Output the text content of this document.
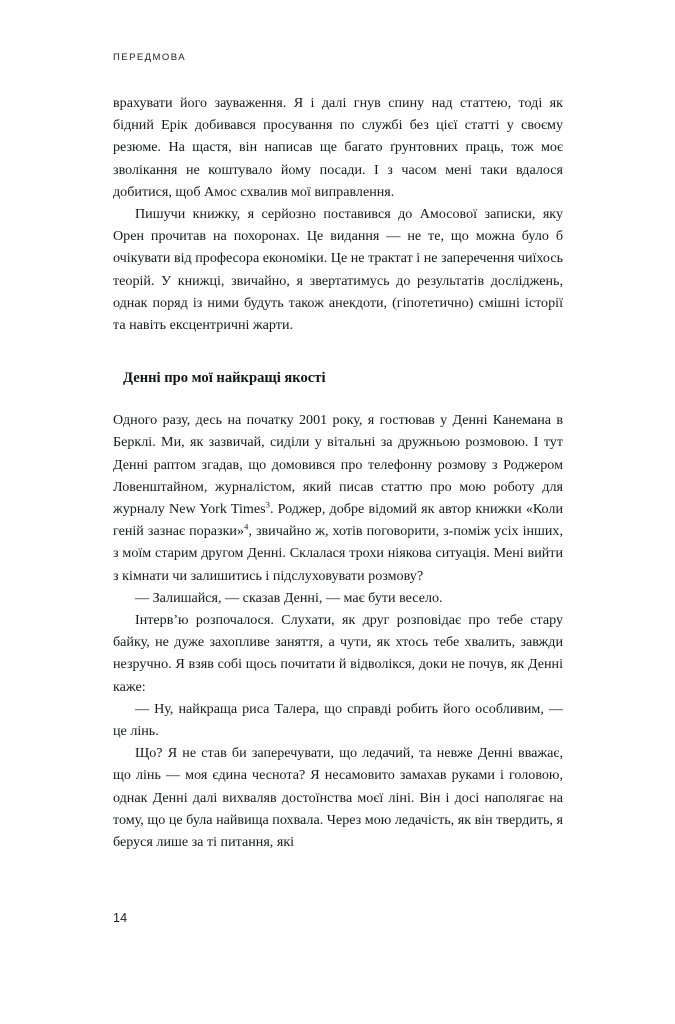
ПЕРЕДМОВА

врахувати його зауваження. Я і далі гнув спину над статтею, тоді як бідний Ерік добивався просування по службі без цієї статті у своєму резюме. На щастя, він написав ще багато ґрунтовних праць, тож моє зволікання не коштувало йому посади. І з часом мені таки вдалося добитися, щоб Амос схвалив мої виправлення.

Пишучи книжку, я серйозно поставився до Амосової записки, яку Орен прочитав на похоронах. Це видання — не те, що можна було б очікувати від професора економіки. Це не трактат і не заперечення чиїхось теорій. У книжці, звичайно, я звертатимусь до результатів досліджень, однак поряд із ними будуть також анекдоти, (гіпотетично) смішні історії та навіть ексцентричні жарти.

Денні про мої найкращі якості

Одного разу, десь на початку 2001 року, я гостював у Денні Канемана в Берклі. Ми, як зазвичай, сиділи у вітальні за дружньою розмовою. І тут Денні раптом згадав, що домовився про телефонну розмову з Роджером Ловенштайном, журналістом, який писав статтю про мою роботу для журналу New York Times$^3$. Роджер, добре відомий як автор книжки «Коли геній зазнає поразки»$^4$, звичайно ж, хотів поговорити, з-поміж усіх інших, з моїм старим другом Денні. Склалася трохи ніякова ситуація. Мені вийти з кімнати чи залишитись і підслуховувати розмову?

— Залишайся, — сказав Денні, — має бути весело.

Інтерв’ю розпочалося. Слухати, як друг розповідає про тебе стару байку, не дуже захопливе заняття, а чути, як хтось тебе хвалить, завжди незручно. Я взяв собі щось почитати й відволікся, доки не почув, як Денні каже:

— Ну, найкраща риса Талера, що справді робить його особливим, — це лінь.

Що? Я не став би заперечувати, що ледачий, та невже Денні вважає, що лінь — моя єдина чеснота? Я несамовито замахав руками і головою, однак Денні далі вихваляв достоїнства моєї ліні. Він і досі наполягає на тому, що це була найвища похвала. Через мою ледачість, як він твердить, я беруся лише за ті питання, які

14
